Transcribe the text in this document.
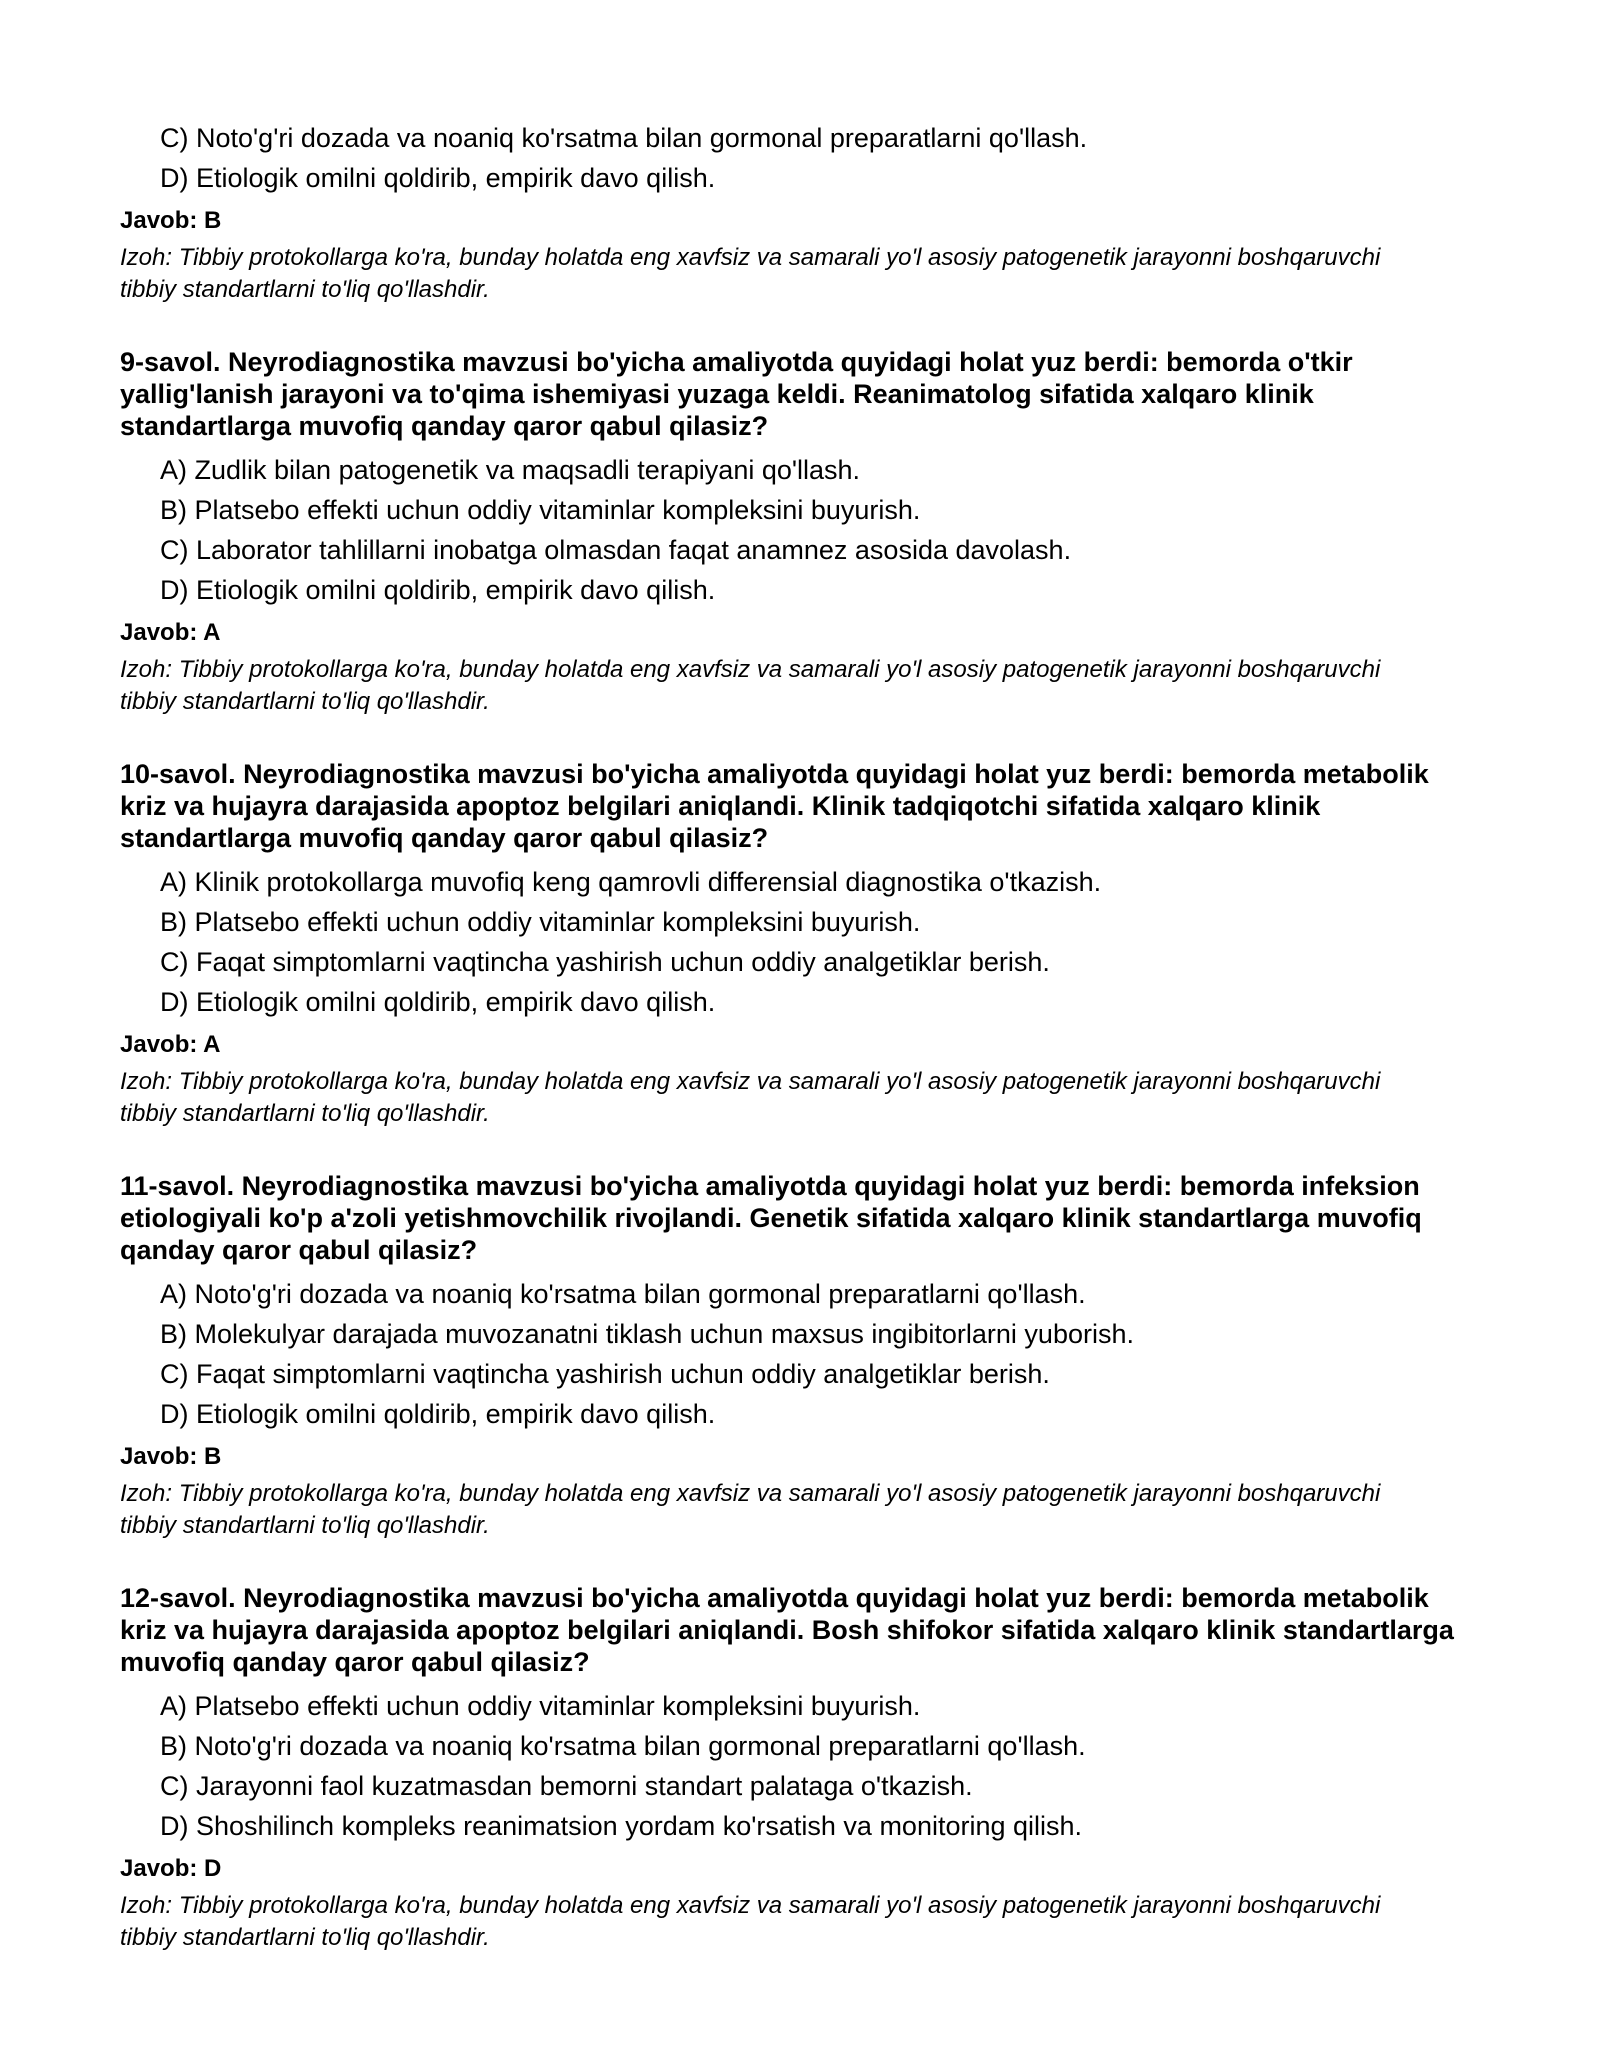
C) Noto'g'ri dozada va noaniq ko'rsatma bilan gormonal preparatlarni qo'llash.
D) Etiologik omilni qoldirib, empirik davo qilish.
Javob: B
Izoh: Tibbiy protokollarga ko'ra, bunday holatda eng xavfsiz va samarali yo'l asosiy patogenetik jarayonni boshqaruvchi tibbiy standartlarni to'liq qo'llashdir.
9-savol. Neyrodiagnostika mavzusi bo'yicha amaliyotda quyidagi holat yuz berdi: bemorda o'tkir yallig'lanish jarayoni va to'qima ishemiyasi yuzaga keldi. Reanimatolog sifatida xalqaro klinik standartlarga muvofiq qanday qaror qabul qilasiz?
A) Zudlik bilan patogenetik va maqsadli terapiyani qo'llash.
B) Platsebo effekti uchun oddiy vitaminlar kompleksini buyurish.
C) Laborator tahlillarni inobatga olmasdan faqat anamnez asosida davolash.
D) Etiologik omilni qoldirib, empirik davo qilish.
Javob: A
Izoh: Tibbiy protokollarga ko'ra, bunday holatda eng xavfsiz va samarali yo'l asosiy patogenetik jarayonni boshqaruvchi tibbiy standartlarni to'liq qo'llashdir.
10-savol. Neyrodiagnostika mavzusi bo'yicha amaliyotda quyidagi holat yuz berdi: bemorda metabolik kriz va hujayra darajasida apoptoz belgilari aniqlandi. Klinik tadqiqotchi sifatida xalqaro klinik standartlarga muvofiq qanday qaror qabul qilasiz?
A) Klinik protokollarga muvofiq keng qamrovli differensial diagnostika o'tkazish.
B) Platsebo effekti uchun oddiy vitaminlar kompleksini buyurish.
C) Faqat simptomlarni vaqtincha yashirish uchun oddiy analgetiklar berish.
D) Etiologik omilni qoldirib, empirik davo qilish.
Javob: A
Izoh: Tibbiy protokollarga ko'ra, bunday holatda eng xavfsiz va samarali yo'l asosiy patogenetik jarayonni boshqaruvchi tibbiy standartlarni to'liq qo'llashdir.
11-savol. Neyrodiagnostika mavzusi bo'yicha amaliyotda quyidagi holat yuz berdi: bemorda infeksion etiologiyali ko'p a'zoli yetishmovchilik rivojlandi. Genetik sifatida xalqaro klinik standartlarga muvofiq qanday qaror qabul qilasiz?
A) Noto'g'ri dozada va noaniq ko'rsatma bilan gormonal preparatlarni qo'llash.
B) Molekulyar darajada muvozanatni tiklash uchun maxsus ingibitorlarni yuborish.
C) Faqat simptomlarni vaqtincha yashirish uchun oddiy analgetiklar berish.
D) Etiologik omilni qoldirib, empirik davo qilish.
Javob: B
Izoh: Tibbiy protokollarga ko'ra, bunday holatda eng xavfsiz va samarali yo'l asosiy patogenetik jarayonni boshqaruvchi tibbiy standartlarni to'liq qo'llashdir.
12-savol. Neyrodiagnostika mavzusi bo'yicha amaliyotda quyidagi holat yuz berdi: bemorda metabolik kriz va hujayra darajasida apoptoz belgilari aniqlandi. Bosh shifokor sifatida xalqaro klinik standartlarga muvofiq qanday qaror qabul qilasiz?
A) Platsebo effekti uchun oddiy vitaminlar kompleksini buyurish.
B) Noto'g'ri dozada va noaniq ko'rsatma bilan gormonal preparatlarni qo'llash.
C) Jarayonni faol kuzatmasdan bemorni standart palataga o'tkazish.
D) Shoshilinch kompleks reanimatsion yordam ko'rsatish va monitoring qilish.
Javob: D
Izoh: Tibbiy protokollarga ko'ra, bunday holatda eng xavfsiz va samarali yo'l asosiy patogenetik jarayonni boshqaruvchi tibbiy standartlarni to'liq qo'llashdir.
